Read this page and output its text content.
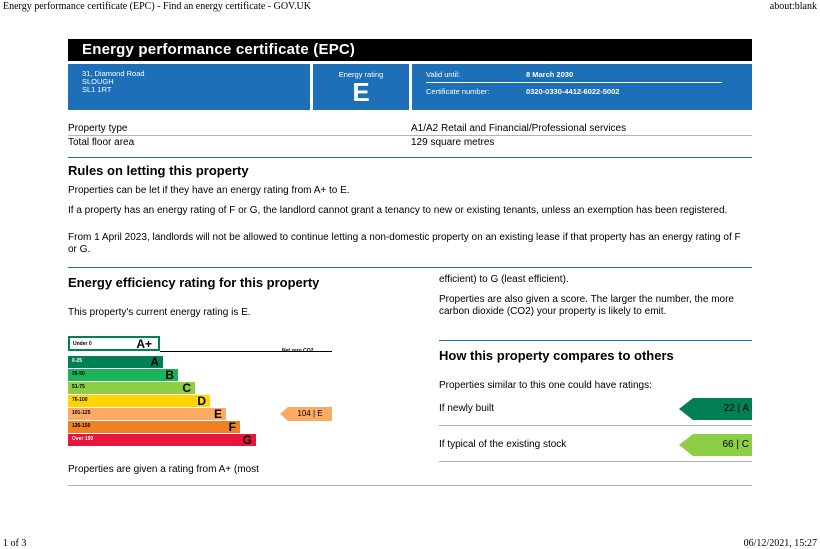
Energy performance certificate (EPC) - Find an energy certificate - GOV.UK	about:blank
1 of 3	06/12/2021, 15:27
Energy performance certificate (EPC)
31, Diamond Road
SLOUGH
SL1 1RT
Energy rating
E
Valid until:	8 March 2030
Certificate number:	0320-0330-4412-6022-5002
Property type	A1/A2 Retail and Financial/Professional services
Total floor area	129 square metres
Rules on letting this property
Properties can be let if they have an energy rating from A+ to E.
If a property has an energy rating of F or G, the landlord cannot grant a tenancy to new or existing tenants, unless an exemption has been registered.
From 1 April 2023, landlords will not be allowed to continue letting a non-domestic property on an existing lease if that property has an energy rating of F or G.
Energy efficiency rating for this property
This property's current energy rating is E.
Under 0	A+	Net zero CO2
0-25	A
26-50	B
51-75	C
76-100	D
101-125	E
126-150	F
Over 150	G
104 | E
Properties are given a rating from A+ (most
efficient) to G (least efficient).
Properties are also given a score. The larger the number, the more carbon dioxide (CO2) your property is likely to emit.
How this property compares to others
Properties similar to this one could have ratings:
If newly built	22 | A
If typical of the existing stock	66 | C
